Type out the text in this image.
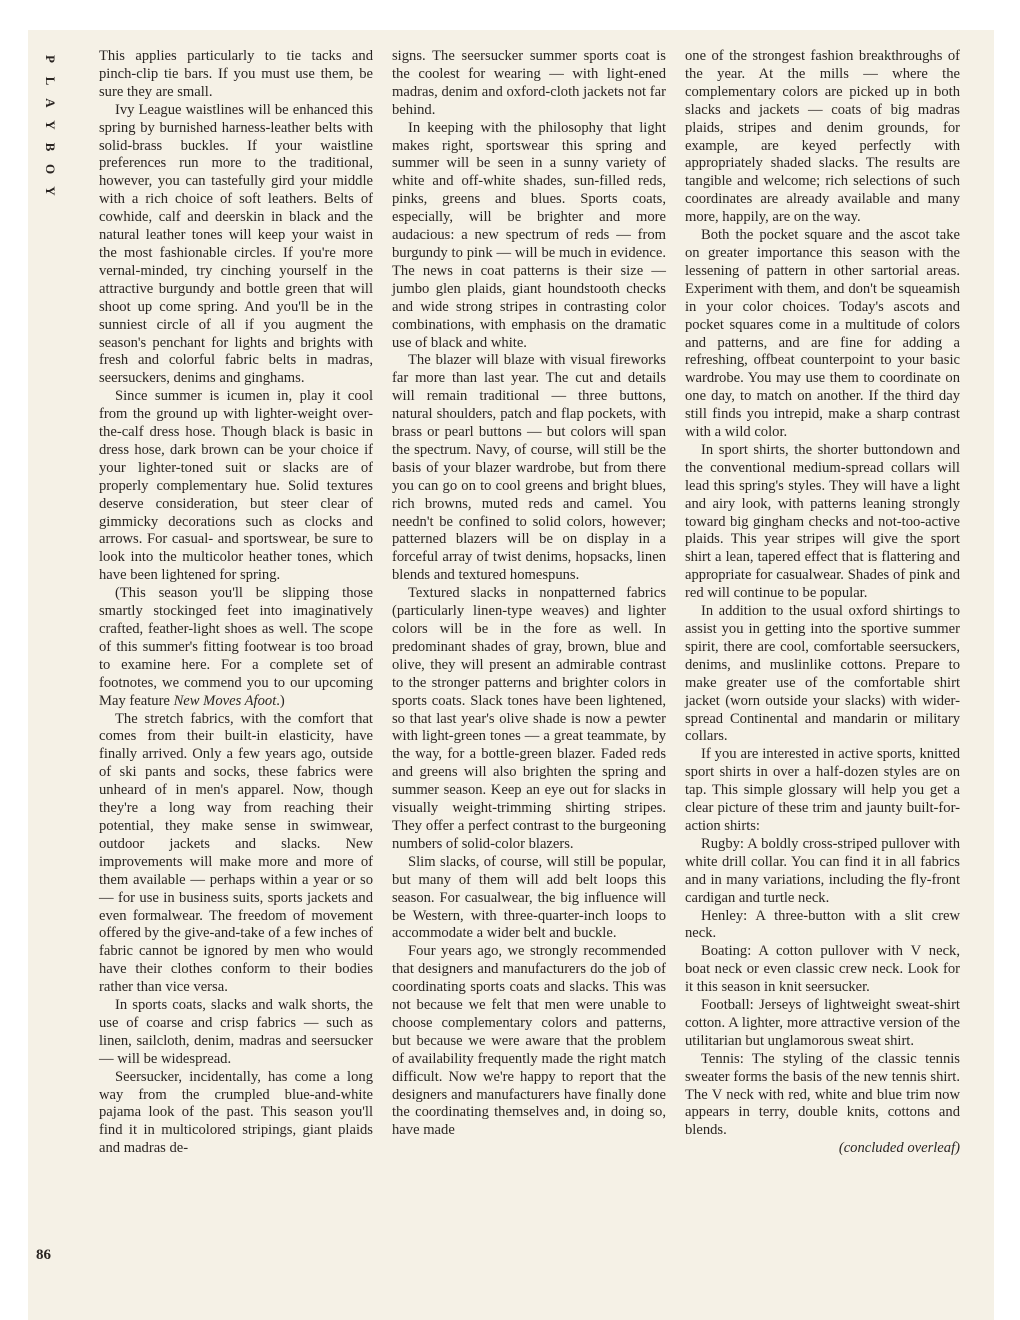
P
L
A
Y
B
O
Y
86

This applies particularly to tie tacks and pinch-clip tie bars. If you must use them, be sure they are small.

Ivy League waistlines will be enhanced this spring by burnished harness-leather belts with solid-brass buckles. If your waistline preferences run more to the traditional, however, you can tastefully gird your middle with a rich choice of soft leathers. Belts of cowhide, calf and deerskin in black and the natural leather tones will keep your waist in the most fashionable circles. If you're more vernal-minded, try cinching yourself in the attractive burgundy and bottle green that will shoot up come spring. And you'll be in the sunniest circle of all if you augment the season's penchant for lights and brights with fresh and colorful fabric belts in madras, seersuckers, denims and ginghams.

Since summer is icumen in, play it cool from the ground up with lighter-weight over-the-calf dress hose. Though black is basic in dress hose, dark brown can be your choice if your lighter-toned suit or slacks are of properly complementary hue. Solid textures deserve consideration, but steer clear of gimmicky decorations such as clocks and arrows. For casual- and sportswear, be sure to look into the multicolor heather tones, which have been lightened for spring.

(This season you'll be slipping those smartly stockinged feet into imaginatively crafted, feather-light shoes as well. The scope of this summer's fitting footwear is too broad to examine here. For a complete set of footnotes, we commend you to our upcoming May feature New Moves Afoot.)

The stretch fabrics, with the comfort that comes from their built-in elasticity, have finally arrived. Only a few years ago, outside of ski pants and socks, these fabrics were unheard of in men's apparel. Now, though they're a long way from reaching their potential, they make sense in swimwear, outdoor jackets and slacks. New improvements will make more and more of them available — perhaps within a year or so — for use in business suits, sports jackets and even formalwear. The freedom of movement offered by the give-and-take of a few inches of fabric cannot be ignored by men who would have their clothes conform to their bodies rather than vice versa.

In sports coats, slacks and walk shorts, the use of coarse and crisp fabrics — such as linen, sailcloth, denim, madras and seersucker — will be widespread.

Seersucker, incidentally, has come a long way from the crumpled blue-and-white pajama look of the past. This season you'll find it in multicolored stripings, giant plaids and madras de-

signs. The seersucker summer sports coat is the coolest for wearing — with light-ened madras, denim and oxford-cloth jackets not far behind.

In keeping with the philosophy that light makes right, sportswear this spring and summer will be seen in a sunny variety of white and off-white shades, sun-filled reds, pinks, greens and blues. Sports coats, especially, will be brighter and more audacious: a new spectrum of reds — from burgundy to pink — will be much in evidence. The news in coat patterns is their size — jumbo glen plaids, giant houndstooth checks and wide strong stripes in contrasting color combinations, with emphasis on the dramatic use of black and white.

The blazer will blaze with visual fireworks far more than last year. The cut and details will remain traditional — three buttons, natural shoulders, patch and flap pockets, with brass or pearl buttons — but colors will span the spectrum. Navy, of course, will still be the basis of your blazer wardrobe, but from there you can go on to cool greens and bright blues, rich browns, muted reds and camel. You needn't be confined to solid colors, however; patterned blazers will be on display in a forceful array of twist denims, hopsacks, linen blends and textured homespuns.

Textured slacks in nonpatterned fabrics (particularly linen-type weaves) and lighter colors will be in the fore as well. In predominant shades of gray, brown, blue and olive, they will present an admirable contrast to the stronger patterns and brighter colors in sports coats. Slack tones have been lightened, so that last year's olive shade is now a pewter with light-green tones — a great teammate, by the way, for a bottle-green blazer. Faded reds and greens will also brighten the spring and summer season. Keep an eye out for slacks in visually weight-trimming shirting stripes. They offer a perfect contrast to the burgeoning numbers of solid-color blazers.

Slim slacks, of course, will still be popular, but many of them will add belt loops this season. For casualwear, the big influence will be Western, with three-quarter-inch loops to accommodate a wider belt and buckle.

Four years ago, we strongly recommended that designers and manufacturers do the job of coordinating sports coats and slacks. This was not because we felt that men were unable to choose complementary colors and patterns, but because we were aware that the problem of availability frequently made the right match difficult. Now we're happy to report that the designers and manufacturers have finally done the coordinating themselves and, in doing so, have made

one of the strongest fashion breakthroughs of the year. At the mills — where the complementary colors are picked up in both slacks and jackets — coats of big madras plaids, stripes and denim grounds, for example, are keyed perfectly with appropriately shaded slacks. The results are tangible and welcome; rich selections of such coordinates are already available and many more, happily, are on the way.

Both the pocket square and the ascot take on greater importance this season with the lessening of pattern in other sartorial areas. Experiment with them, and don't be squeamish in your color choices. Today's ascots and pocket squares come in a multitude of colors and patterns, and are fine for adding a refreshing, offbeat counterpoint to your basic wardrobe. You may use them to coordinate on one day, to match on another. If the third day still finds you intrepid, make a sharp contrast with a wild color.

In sport shirts, the shorter buttondown and the conventional medium-spread collars will lead this spring's styles. They will have a light and airy look, with patterns leaning strongly toward big gingham checks and not-too-active plaids. This year stripes will give the sport shirt a lean, tapered effect that is flattering and appropriate for casualwear. Shades of pink and red will continue to be popular.

In addition to the usual oxford shirtings to assist you in getting into the sportive summer spirit, there are cool, comfortable seersuckers, denims, and muslinlike cottons. Prepare to make greater use of the comfortable shirt jacket (worn outside your slacks) with wider-spread Continental and mandarin or military collars.

If you are interested in active sports, knitted sport shirts in over a half-dozen styles are on tap. This simple glossary will help you get a clear picture of these trim and jaunty built-for-action shirts:

Rugby: A boldly cross-striped pullover with white drill collar. You can find it in all fabrics and in many variations, including the fly-front cardigan and turtle neck.

Henley: A three-button with a slit crew neck.

Boating: A cotton pullover with V neck, boat neck or even classic crew neck. Look for it this season in knit seersucker.

Football: Jerseys of lightweight sweat-shirt cotton. A lighter, more attractive version of the utilitarian but unglamorous sweat shirt.

Tennis: The styling of the classic tennis sweater forms the basis of the new tennis shirt. The V neck with red, white and blue trim now appears in terry, double knits, cottons and blends.

(concluded overleaf)
